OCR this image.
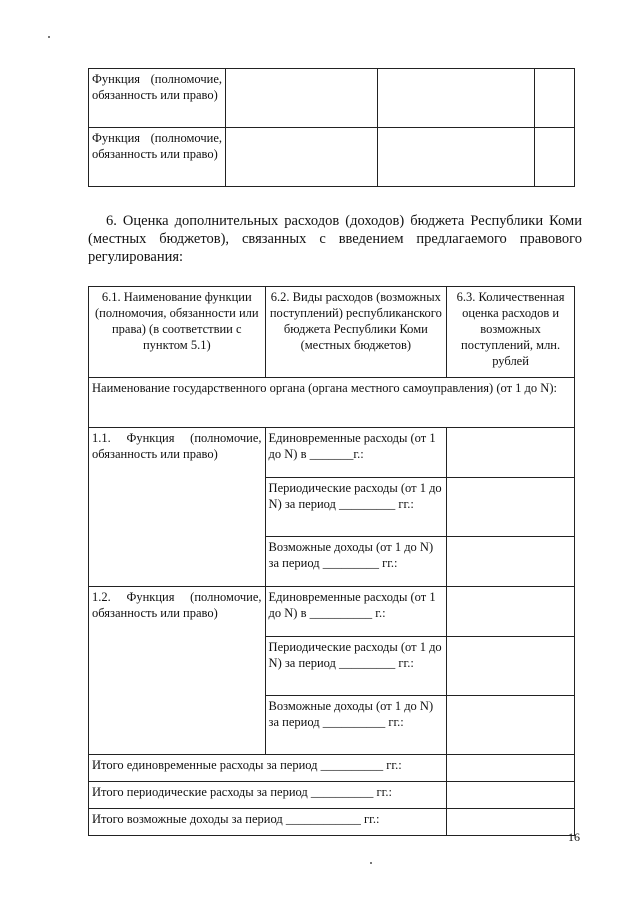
Функция (полномочие, обязанность или право)			
Функция (полномочие, обязанность или право)			

6. Оценка дополнительных расходов (доходов) бюджета Республики Коми (местных бюджетов), связанных с введением предлагаемого правового регулирования:

6.1. Наименование функции (полномочия, обязанности или права) (в соответствии с пунктом 5.1)	6.2. Виды расходов (возможных поступлений) республиканского бюджета Республики Коми (местных бюджетов)	6.3. Количественная оценка расходов и возможных поступлений, млн. рублей
Наименование государственного органа (органа местного самоуправления) (от 1 до N):		
1.1. Функция (полномочие, обязанность или право)	Единовременные расходы (от 1 до N) в _______г.:	
	Периодические расходы (от 1 до N) за период _________ гг.:	
	Возможные доходы (от 1 до N) за период _________ гг.:	
1.2. Функция (полномочие, обязанность или право)	Единовременные расходы (от 1 до N) в __________ г.:	
	Периодические расходы (от 1 до N) за период _________ гг.:	
	Возможные доходы (от 1 до N) за период __________ гг.:	
Итого единовременные расходы за период __________ гг.:		
Итого периодические расходы за период __________ гг.:		
Итого возможные доходы за период ____________ гг.:		
16
